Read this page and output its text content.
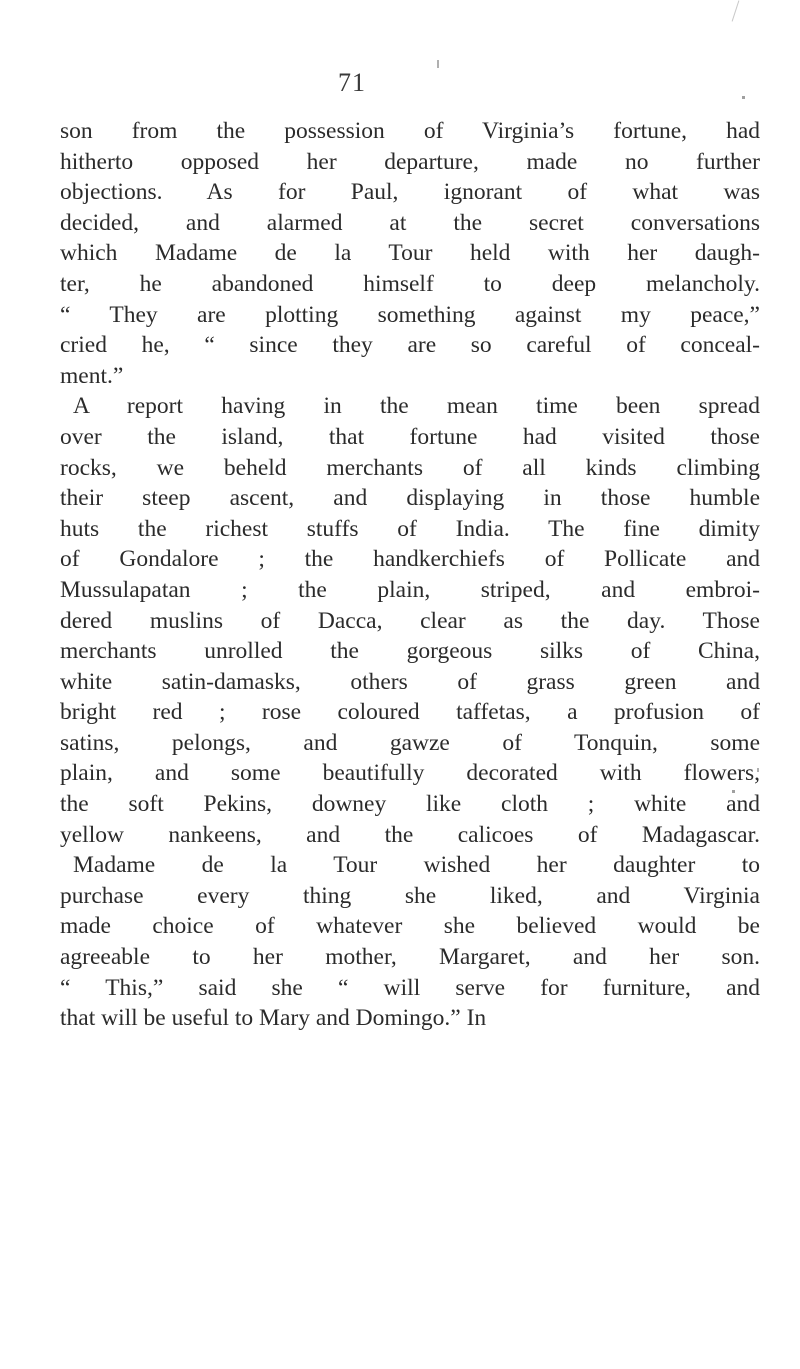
71
son from the possession of Virginia’s fortune, had
hitherto opposed her departure, made no further
objections. As for Paul, ignorant of what was
decided, and alarmed at the secret conversations
which Madame de la Tour held with her daugh-
ter, he abandoned himself to deep melancholy.
“ They are plotting something against my peace,”
cried he, “ since they are so careful of conceal-
ment.”
A report having in the mean time been spread
over the island, that fortune had visited those
rocks, we beheld merchants of all kinds climbing
their steep ascent, and displaying in those humble
huts the richest stuffs of India. The fine dimity
of Gondalore ; the handkerchiefs of Pollicate and
Mussulapatan ; the plain, striped, and embroi-
dered muslins of Dacca, clear as the day. Those
merchants unrolled the gorgeous silks of China,
white satin-damasks, others of grass green and
bright red ; rose coloured taffetas, a profusion of
satins, pelongs, and gawze of Tonquin, some
plain, and some beautifully decorated with flowers,
the soft Pekins, downey like cloth ; white and
yellow nankeens, and the calicoes of Madagascar.
Madame de la Tour wished her daughter to
purchase every thing she liked, and Virginia
made choice of whatever she believed would be
agreeable to her mother, Margaret, and her son.
“ This,” said she “ will serve for furniture, and
that will be useful to Mary and Domingo.” In
